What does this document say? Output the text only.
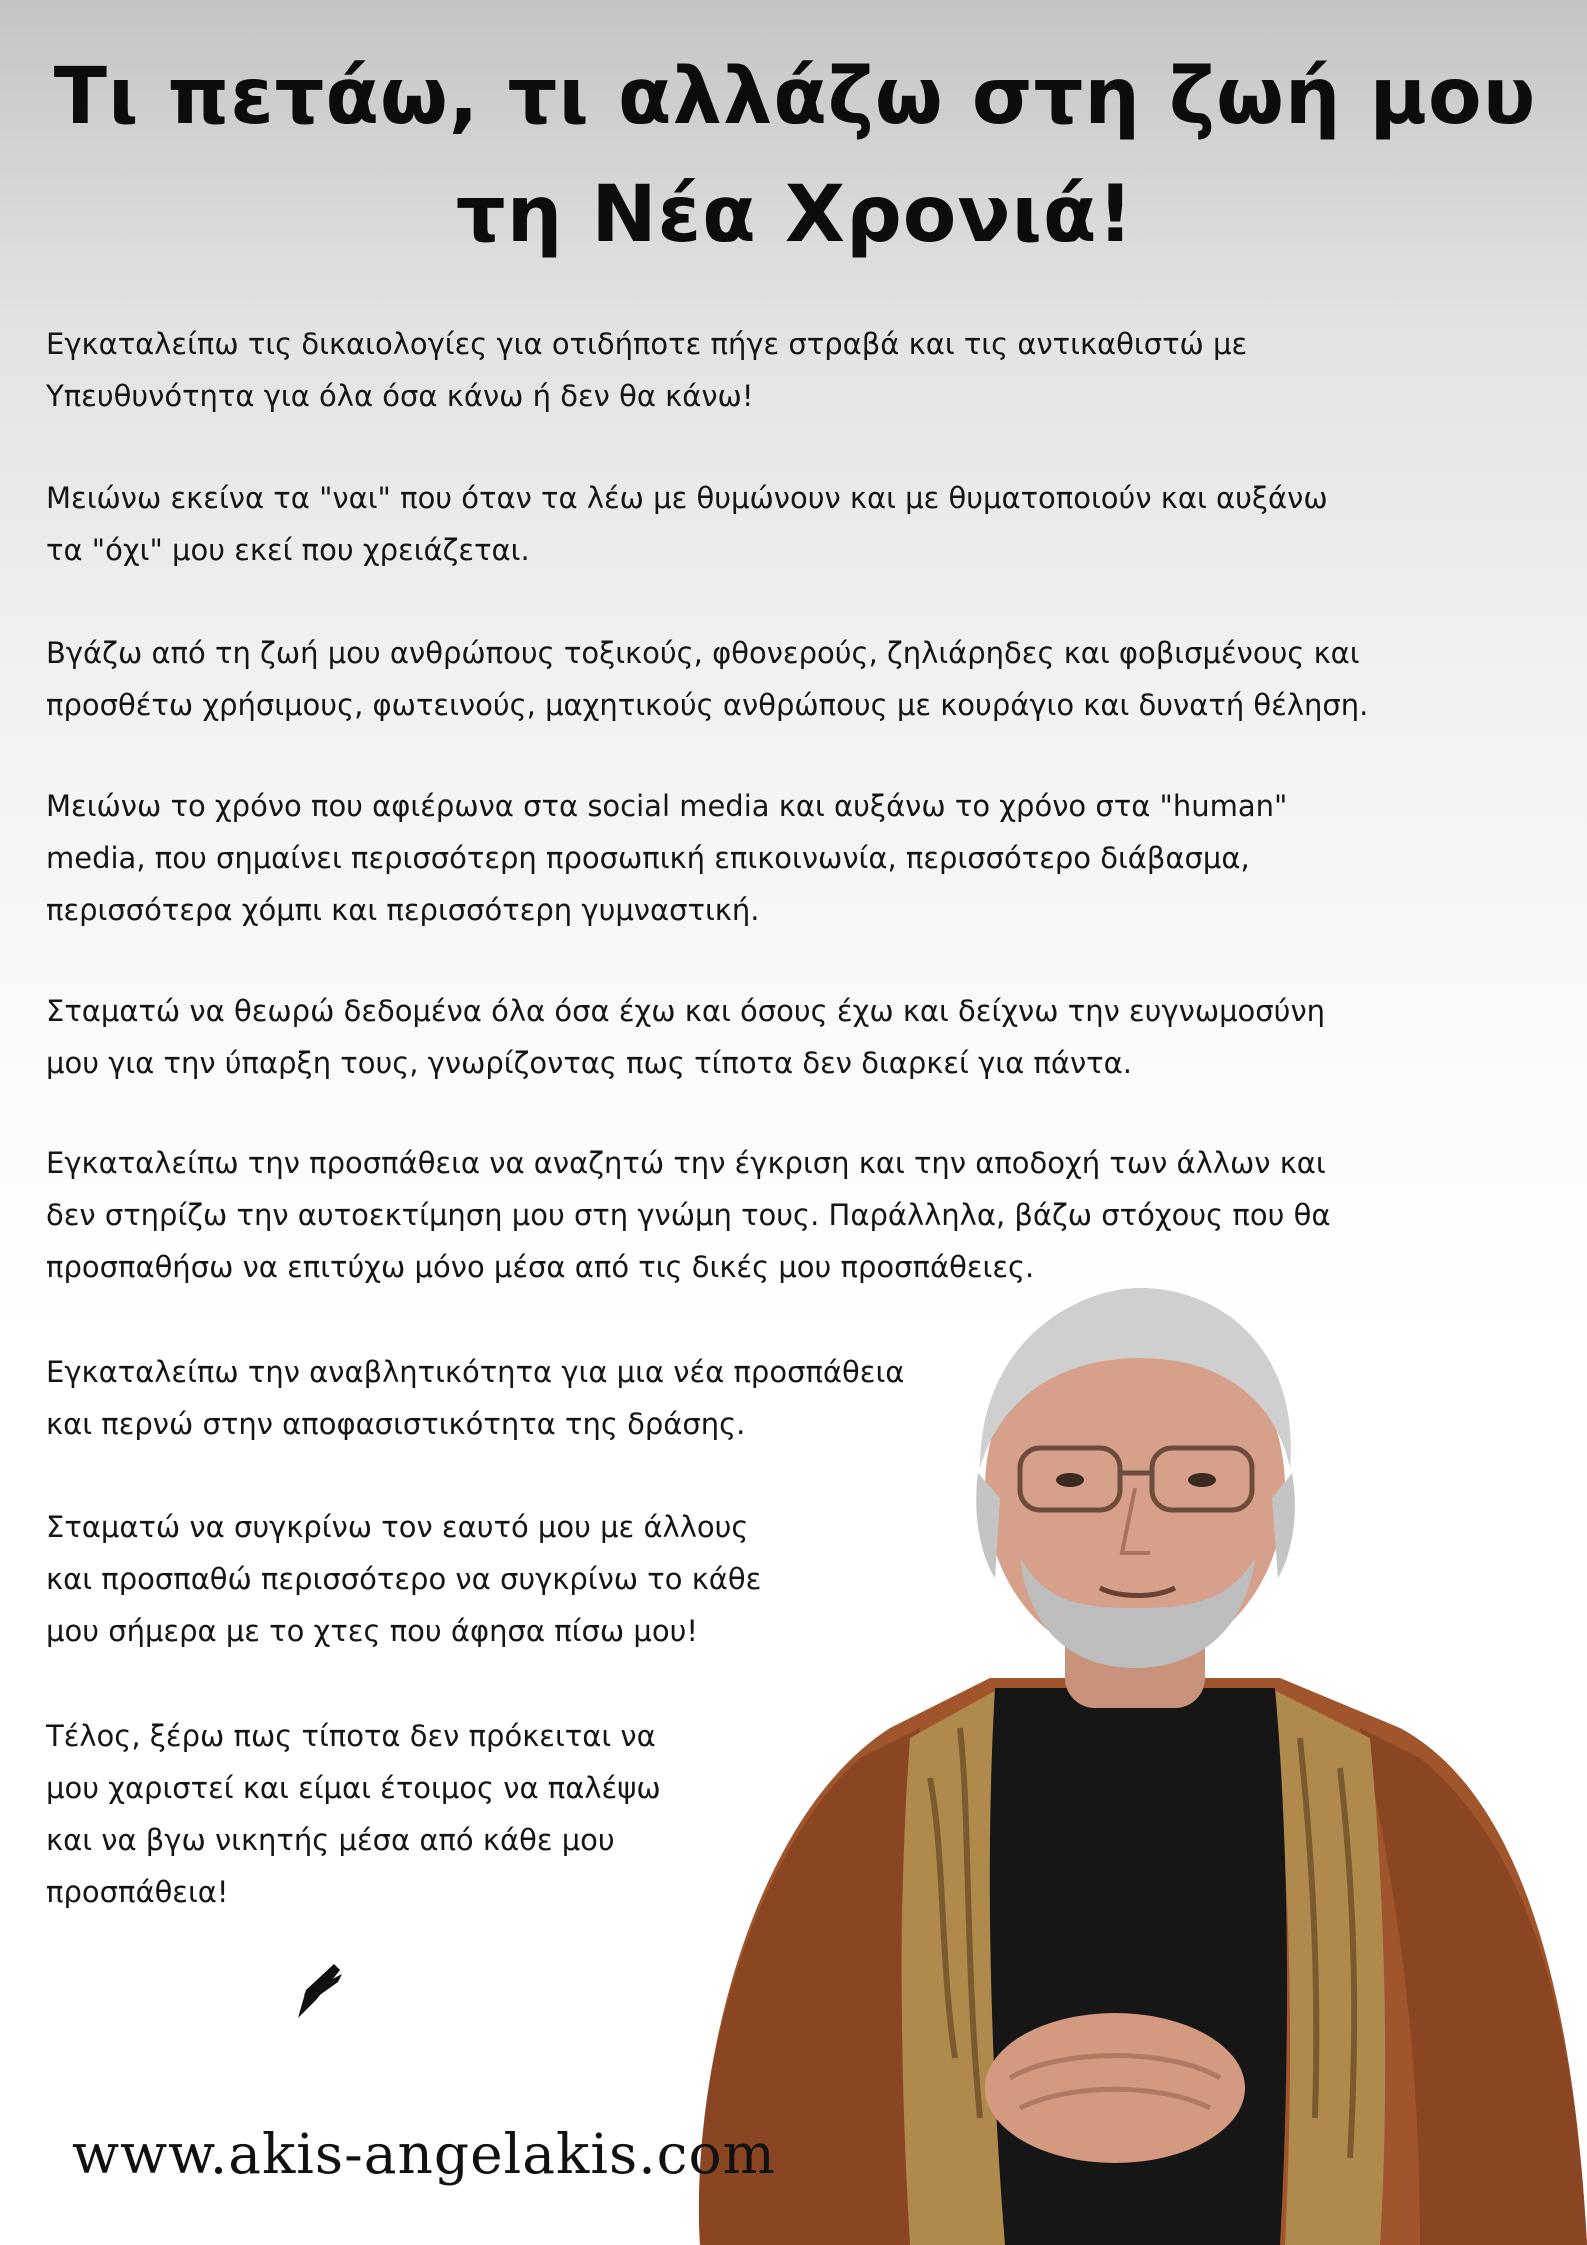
Τι πετάω, τι αλλάζω στη ζωή μου
τη Νέα Χρονιά!

Εγκαταλείπω τις δικαιολογίες για οτιδήποτε πήγε στραβά και τις αντικαθιστώ με
Υπευθυνότητα για όλα όσα κάνω ή δεν θα κάνω!

Μειώνω εκείνα τα "ναι" που όταν τα λέω με θυμώνουν και με θυματοποιούν και αυξάνω
τα "όχι" μου εκεί που χρειάζεται.

Βγάζω από τη ζωή μου ανθρώπους τοξικούς, φθονερούς, ζηλιάρηδες και φοβισμένους και
προσθέτω χρήσιμους, φωτεινούς, μαχητικούς ανθρώπους με κουράγιο και δυνατή θέληση.

Μειώνω το χρόνο που αφιέρωνα στα social media και αυξάνω το χρόνο στα "human"
media, που σημαίνει περισσότερη προσωπική επικοινωνία, περισσότερο διάβασμα,
περισσότερα χόμπι και περισσότερη γυμναστική.

Σταματώ να θεωρώ δεδομένα όλα όσα έχω και όσους έχω και δείχνω την ευγνωμοσύνη
μου για την ύπαρξη τους, γνωρίζοντας πως τίποτα δεν διαρκεί για πάντα.

Εγκαταλείπω την προσπάθεια να αναζητώ την έγκριση και την αποδοχή των άλλων και
δεν στηρίζω την αυτοεκτίμηση μου στη γνώμη τους. Παράλληλα, βάζω στόχους που θα
προσπαθήσω να επιτύχω μόνο μέσα από τις δικές μου προσπάθειες.

Εγκαταλείπω την αναβλητικότητα για μια νέα προσπάθεια
και περνώ στην αποφασιστικότητα της δράσης.

Σταματώ να συγκρίνω τον εαυτό μου με άλλους
και προσπαθώ περισσότερο να συγκρίνω το κάθε
μου σήμερα με το χτες που άφησα πίσω μου!

Τέλος, ξέρω πως τίποτα δεν πρόκειται να
μου χαριστεί και είμαι έτοιμος να παλέψω
και να βγω νικητής μέσα από κάθε μου
προσπάθεια!

www.akis-angelakis.com
